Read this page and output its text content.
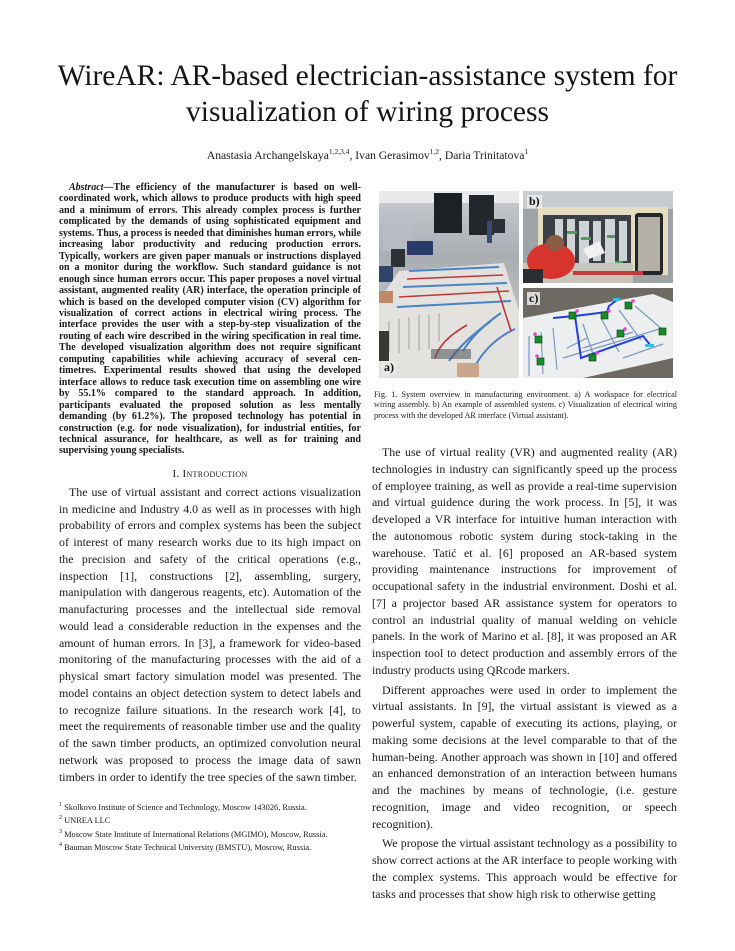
WireAR: AR-based electrician-assistance system for visualization of wiring process
Anastasia Archangelskaya$^{1,2,3,4}$, Ivan Gerasimov$^{1,2}$, Daria Trinitatova$^1$

Abstract—The efficiency of the manufacturer is based on well-coordinated work, which allows to produce products with high speed and a minimum of errors. This already complex process is further complicated by the demands of using sophisticated equipment and systems. Thus, a process is needed that diminishes human errors, while increasing labor productivity and reducing production errors. Typically, workers are given paper manuals or instructions displayed on a monitor during the workflow. Such standard guidance is not enough since human errors occur. This paper proposes a novel virtual assistant, augmented reality (AR) interface, the operation principle of which is based on the developed computer vision (CV) algorithm for visualization of correct actions in electrical wiring process. The interface provides the user with a step-by-step visualization of the routing of each wire described in the wiring specification in real time. The developed visualization algorithm does not require significant computing capabilities while achieving accuracy of several centimetres. Experimental results showed that using the developed interface allows to reduce task execution time on assembling one wire by 55.1% compared to the standard approach. In addition, participants evaluated the proposed solution as less mentally demanding (by 61.2%). The proposed technology has potential in construction (e.g. for node visualization), for industrial entities, for technical assurance, for healthcare, as well as for training and supervising young specialists.

I. Introduction

The use of virtual assistant and correct actions visualization in medicine and Industry 4.0 as well as in processes with high probability of errors and complex systems has been the subject of interest of many research works due to its high impact on the precision and safety of the critical operations (e.g., inspection [1], constructions [2], assembling, surgery, manipulation with dangerous reagents, etc). Automation of the manufacturing processes and the intellectual side removal would lead a considerable reduction in the expenses and the amount of human errors. In [3], a framework for video-based monitoring of the manufacturing processes with the aid of a physical smart factory simulation model was presented. The model contains an object detection system to detect labels and to recognize failure situations. In the research work [4], to meet the requirements of reasonable timber use and the quality of the sawn timber products, an optimized convolution neural network was proposed to process the image data of sawn timbers in order to identify the tree species of the sawn timber.

$^1$ Skolkovo Institute of Science and Technology, Moscow 143026, Russia.

$^2$ UNREA LLC

$^3$ Moscow State Institute of International Relations (MGIMO), Moscow, Russia.

$^4$ Bauman Moscow State Technical University (BMSTU), Moscow, Russia.

a)
b)
c)

Fig. 1. System overview in manufacturing environment. a) A workspace for electrical wiring assembly. b) An example of assembled system. c) Visualization of electrical wiring process with the developed AR interface (Virtual assistant).

The use of virtual reality (VR) and augmented reality (AR) technologies in industry can significantly speed up the process of employee training, as well as provide a real-time supervision and virtual guidence during the work process. In [5], it was developed a VR interface for intuitive human interaction with the autonomous robotic system during stock-taking in the warehouse. Tatić et al. [6] proposed an AR-based system providing maintenance instructions for improvement of occupational safety in the industrial environment. Doshi et al. [7] a projector based AR assistance system for operators to control an industrial quality of manual welding on vehicle panels. In the work of Marino et al. [8], it was proposed an AR inspection tool to detect production and assembly errors of the industry products using QRcode markers.

Different approaches were used in order to implement the virtual assistants. In [9], the virtual assistant is viewed as a powerful system, capable of executing its actions, playing, or making some decisions at the level comparable to that of the human-being. Another approach was shown in [10] and offered an enhanced demonstration of an interaction between humans and the machines by means of technologie, (i.e. gesture recognition, image and video recognition, or speech recognition).

We propose the virtual assistant technology as a possibility to show correct actions at the AR interface to people working with the complex systems. This approach would be effective for tasks and processes that show high risk to otherwise getting
